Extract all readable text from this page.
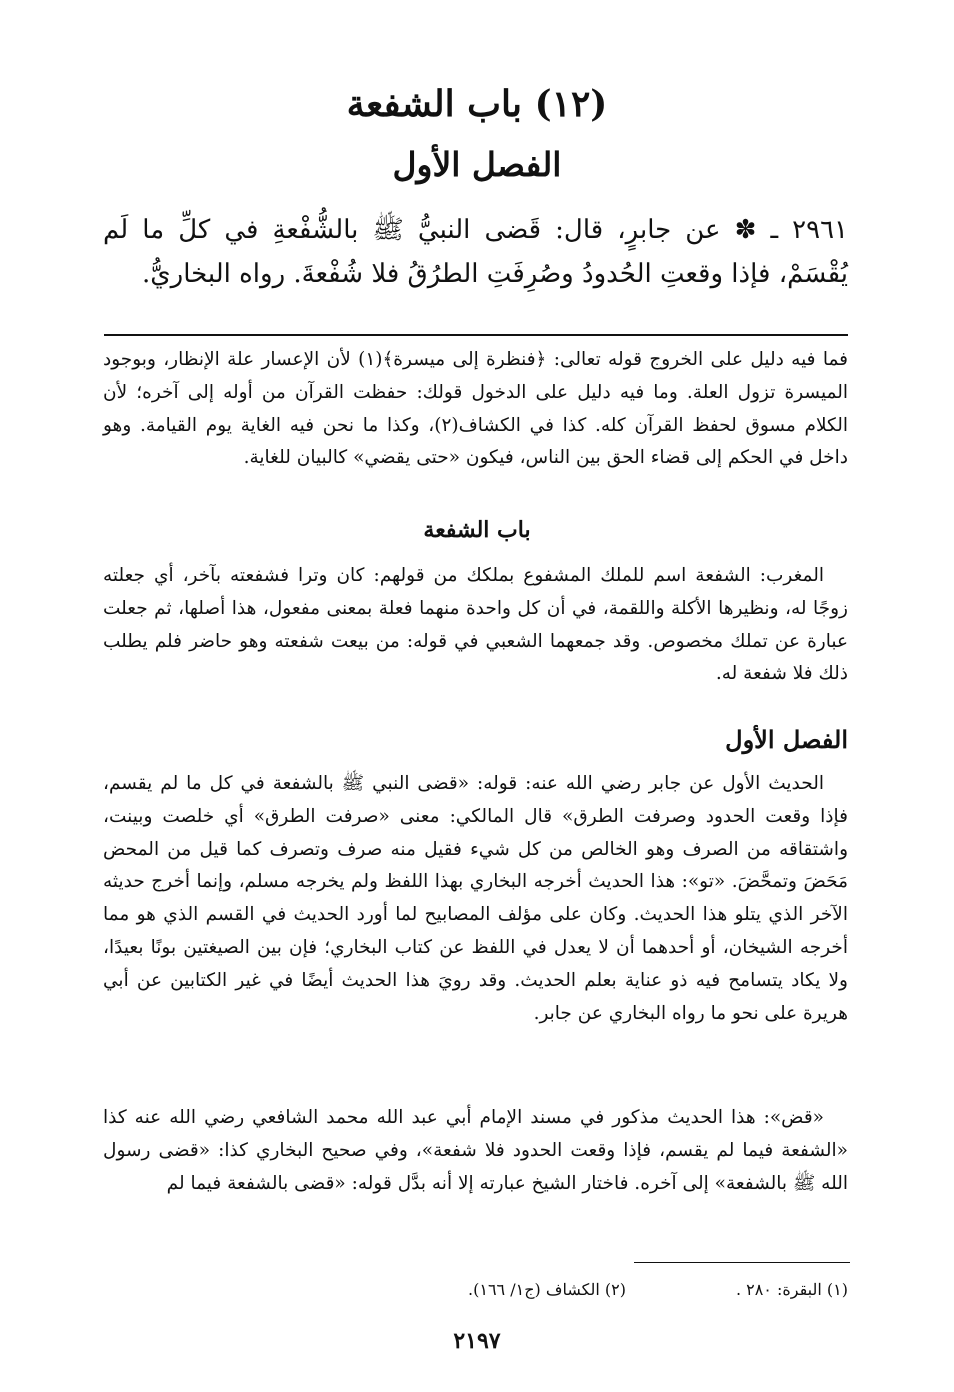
(١٢) باب الشفعة
الفصل الأول
٢٩٦١ ـ ✽ عن جابرٍ، قال: قَضى النبيُّ ﷺ بالشُّفْعةِ في كلِّ ما لَم يُقْسَمْ، فإذا وقعتِ الحُدودُ وصُرِفَتِ الطرُقُ فلا شُفْعةَ. رواه البخاريُّ.
فما فيه دليل على الخروج قوله تعالى: ﴿فنظرة إلى ميسرة﴾(١) لأن الإعسار علة الإنظار، وبوجود الميسرة تزول العلة. وما فيه دليل على الدخول قولك: حفظت القرآن من أوله إلى آخره؛ لأن الكلام مسوق لحفظ القرآن كله. كذا في الكشاف(٢)، وكذا ما نحن فيه الغاية يوم القيامة. وهو داخل في الحكم إلى قضاء الحق بين الناس، فيكون «حتى يقضي» كالبيان للغاية.
باب الشفعة
المغرب: الشفعة اسم للملك المشفوع بملكك من قولهم: كان وترا فشفعته بآخر، أي جعلته زوجًا له، ونظيرها الأكلة واللقمة، في أن كل واحدة منهما فعلة بمعنى مفعول، هذا أصلها، ثم جعلت عبارة عن تملك مخصوص. وقد جمعهما الشعبي في قوله: من بيعت شفعته وهو حاضر فلم يطلب ذلك فلا شفعة له.
الفصل الأول
الحديث الأول عن جابر رضي الله عنه: قوله: «قضى النبي ﷺ بالشفعة في كل ما لم يقسم، فإذا وقعت الحدود وصرفت الطرق» قال المالكي: معنى «صرفت الطرق» أي خلصت وبينت، واشتقاقه من الصرف وهو الخالص من كل شيء فقيل منه صرف وتصرف كما قيل من المحض مَحَضَ وتمحَّضَ. «تو»: هذا الحديث أخرجه البخاري بهذا اللفظ ولم يخرجه مسلم، وإنما أخرج حديثه الآخر الذي يتلو هذا الحديث. وكان على مؤلف المصابيح لما أورد الحديث في القسم الذي هو مما أخرجه الشيخان، أو أحدهما أن لا يعدل في اللفظ عن كتاب البخاري؛ فإن بين الصيغتين بونًا بعيدًا، ولا يكاد يتسامح فيه ذو عناية بعلم الحديث. وقد رويَ هذا الحديث أيضًا في غير الكتابين عن أبي هريرة على نحو ما رواه البخاري عن جابر.
«قض»: هذا الحديث مذكور في مسند الإمام أبي عبد الله محمد الشافعي رضي الله عنه كذا «الشفعة فيما لم يقسم، فإذا وقعت الحدود فلا شفعة»، وفي صحيح البخاري كذا: «قضى رسول الله ﷺ بالشفعة» إلى آخره. فاختار الشيخ عبارته إلا أنه بدَّل قوله: «قضى بالشفعة فيما لم
(١) البقرة: ٢٨٠ .
(٢) الكشاف (ج١/ ١٦٦).
٢١٩٧
